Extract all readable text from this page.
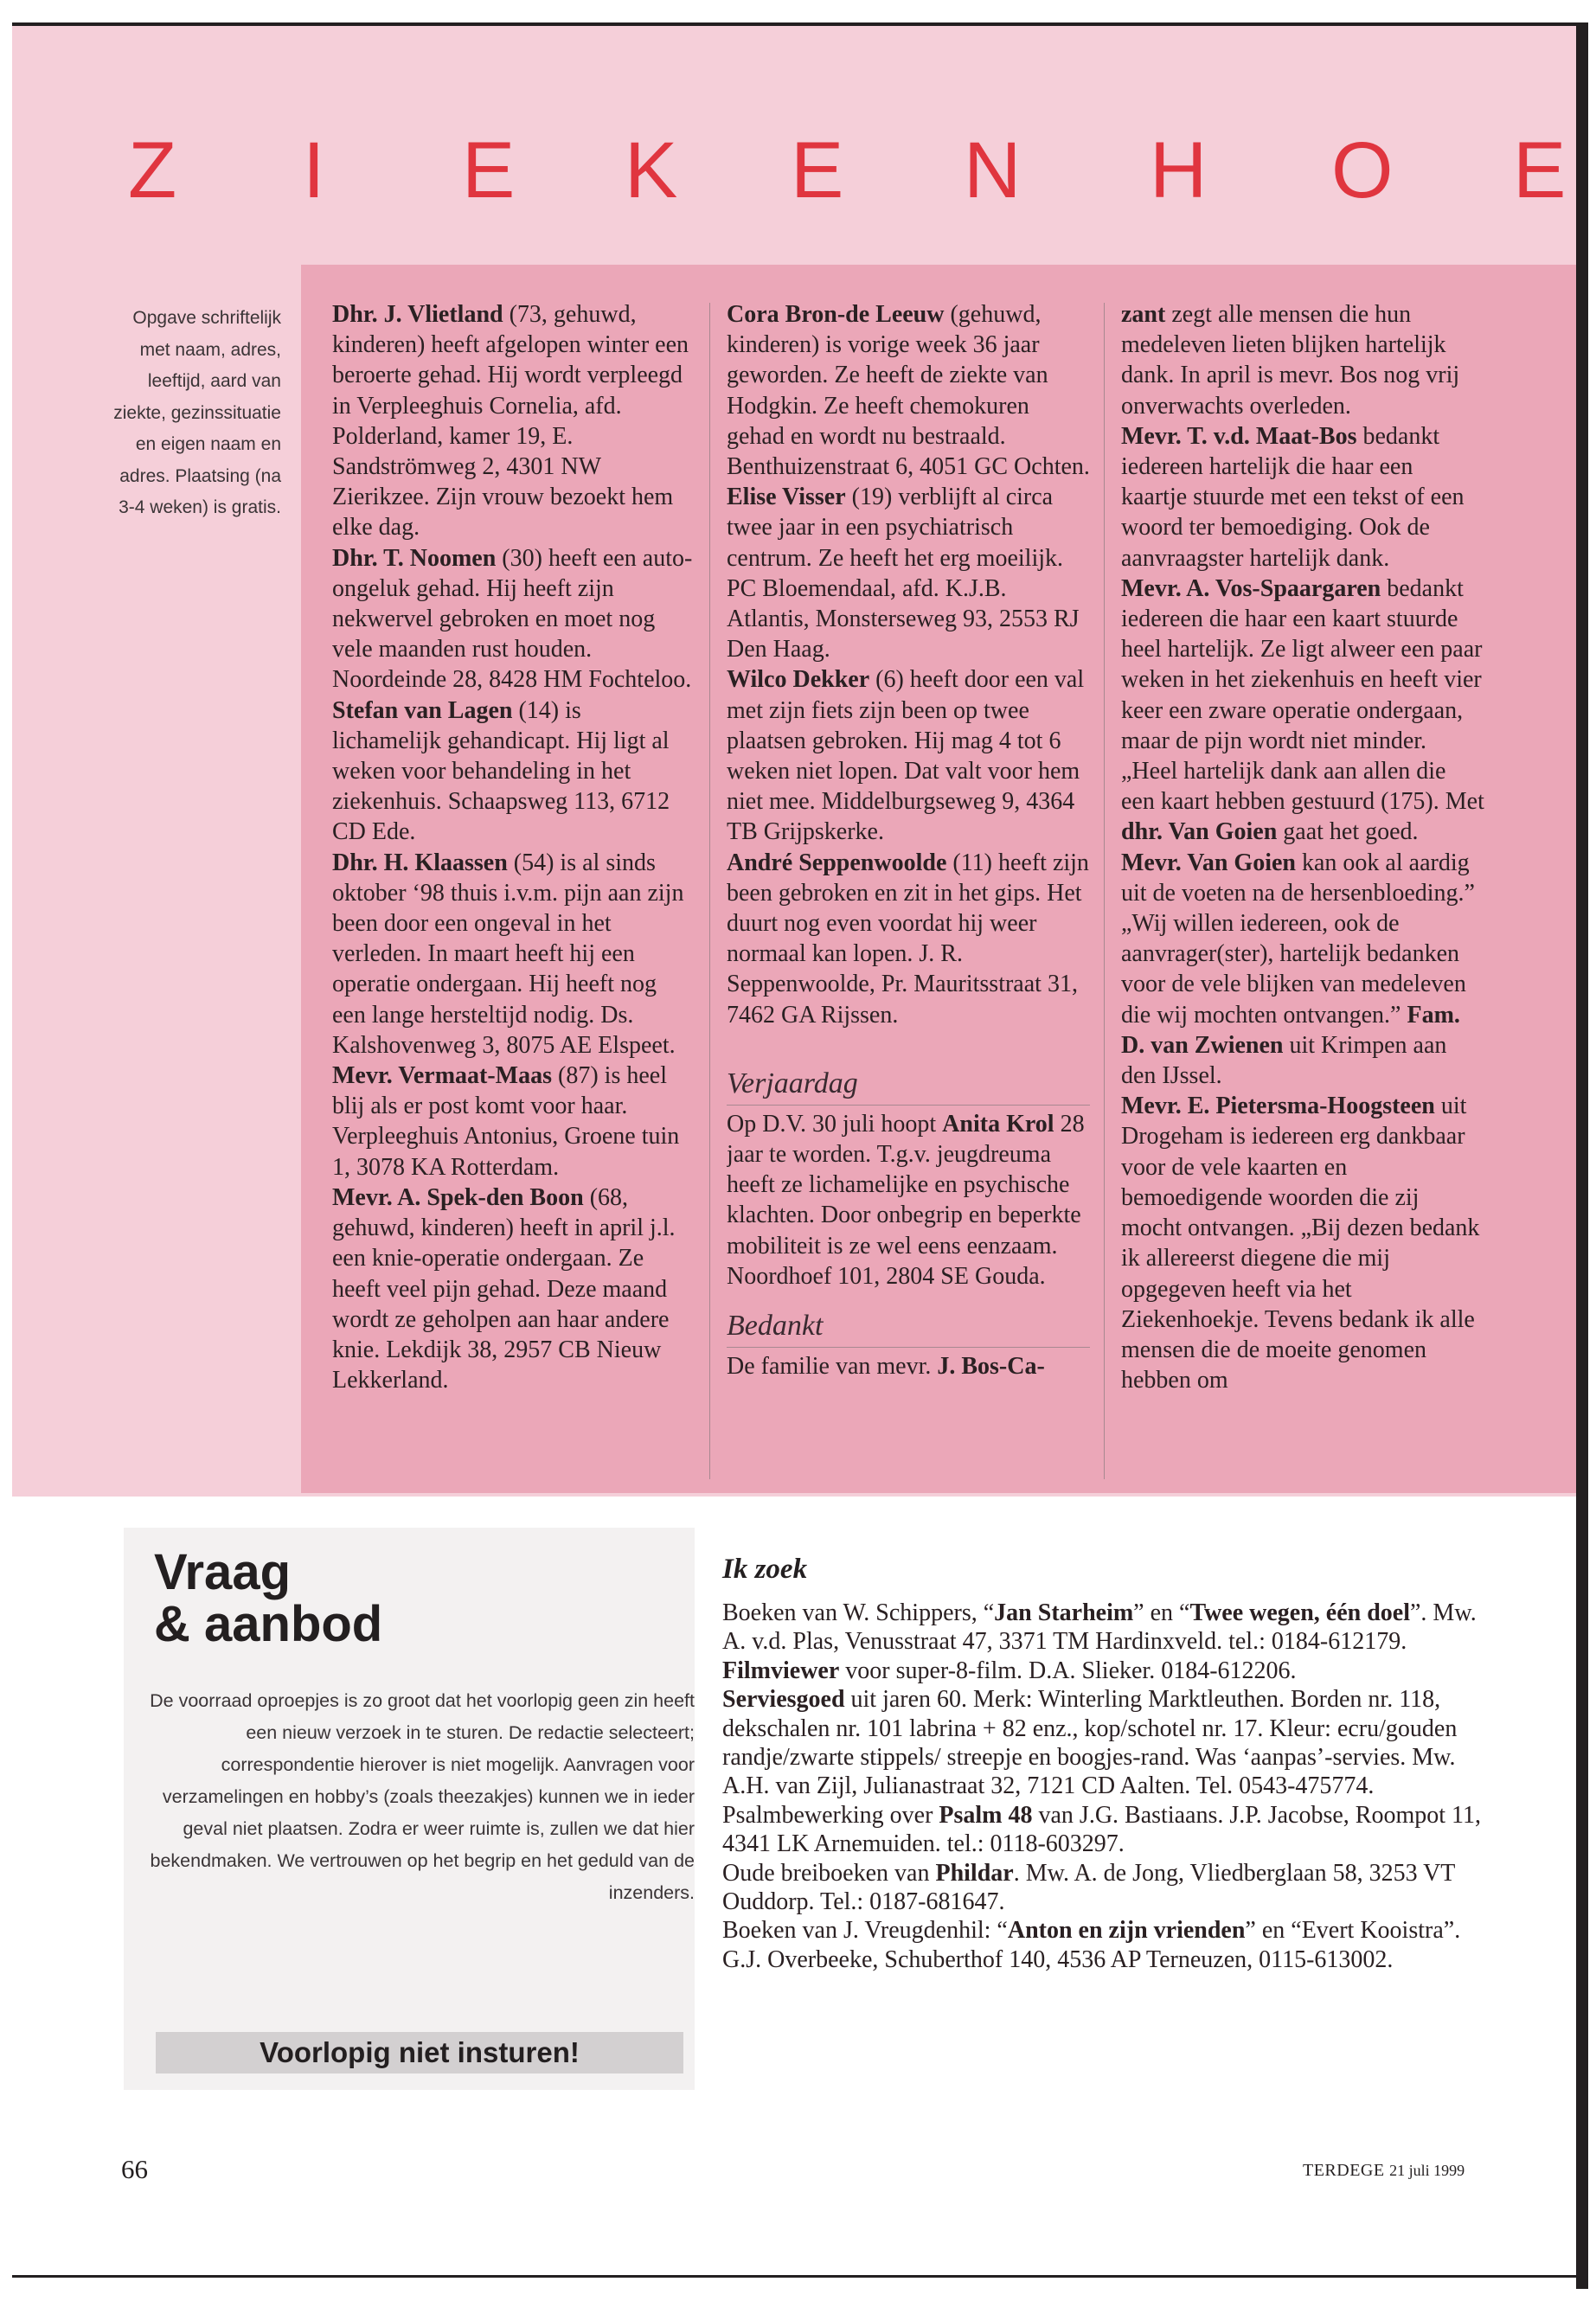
Z I E K E N H O E

Opgave schriftelijk met naam, adres, leeftijd, aard van ziekte, gezinssituatie en eigen naam en adres. Plaatsing (na 3-4 weken) is gratis.

Dhr. J. Vlietland (73, gehuwd, kinderen) heeft afgelopen winter een beroerte gehad. Hij wordt verpleegd in Verpleeghuis Cornelia, afd. Polderland, kamer 19, E. Sandströmweg 2, 4301 NW Zierikzee. Zijn vrouw bezoekt hem elke dag.

Dhr. T. Noomen (30) heeft een auto-ongeluk gehad. Hij heeft zijn nekwervel gebroken en moet nog vele maanden rust houden. Noordeinde 28, 8428 HM Fochteloo.

Stefan van Lagen (14) is lichamelijk gehandicapt. Hij ligt al weken voor behandeling in het ziekenhuis. Schaapsweg 113, 6712 CD Ede.

Dhr. H. Klaassen (54) is al sinds oktober ‘98 thuis i.v.m. pijn aan zijn been door een ongeval in het verleden. In maart heeft hij een operatie ondergaan. Hij heeft nog een lange hersteltijd nodig. Ds. Kalshovenweg 3, 8075 AE Elspeet.

Mevr. Vermaat-Maas (87) is heel blij als er post komt voor haar. Verpleeghuis Antonius, Groene tuin 1, 3078 KA Rotterdam.

Mevr. A. Spek-den Boon (68, gehuwd, kinderen) heeft in april j.l. een knie-operatie ondergaan. Ze heeft veel pijn gehad. Deze maand wordt ze geholpen aan haar andere knie. Lekdijk 38, 2957 CB Nieuw Lekkerland.

Cora Bron-de Leeuw (gehuwd, kinderen) is vorige week 36 jaar geworden. Ze heeft de ziekte van Hodgkin. Ze heeft chemokuren gehad en wordt nu bestraald. Benthuizenstraat 6, 4051 GC Ochten.

Elise Visser (19) verblijft al circa twee jaar in een psychiatrisch centrum. Ze heeft het erg moeilijk. PC Bloemendaal, afd. K.J.B. Atlantis, Monsterseweg 93, 2553 RJ Den Haag.

Wilco Dekker (6) heeft door een val met zijn fiets zijn been op twee plaatsen gebroken. Hij mag 4 tot 6 weken niet lopen. Dat valt voor hem niet mee. Middelburgseweg 9, 4364 TB Grijpskerke.

André Seppenwoolde (11) heeft zijn been gebroken en zit in het gips. Het duurt nog even voordat hij weer normaal kan lopen. J. R. Seppenwoolde, Pr. Mauritsstraat 31, 7462 GA Rijssen.

Verjaardag

Op D.V. 30 juli hoopt Anita Krol 28 jaar te worden. T.g.v. jeugdreuma heeft ze lichamelijke en psychische klachten. Door onbegrip en beperkte mobiliteit is ze wel eens eenzaam. Noordhoef 101, 2804 SE Gouda.

Bedankt

De familie van mevr. J. Bos-Ca-

zant zegt alle mensen die hun medeleven lieten blijken hartelijk dank. In april is mevr. Bos nog vrij onverwachts overleden.

Mevr. T. v.d. Maat-Bos bedankt iedereen hartelijk die haar een kaartje stuurde met een tekst of een woord ter bemoediging. Ook de aanvraagster hartelijk dank.

Mevr. A. Vos-Spaargaren bedankt iedereen die haar een kaart stuurde heel hartelijk. Ze ligt alweer een paar weken in het ziekenhuis en heeft vier keer een zware operatie ondergaan, maar de pijn wordt niet minder. „Heel hartelijk dank aan allen die een kaart hebben gestuurd (175). Met dhr. Van Goien gaat het goed. Mevr. Van Goien kan ook al aardig uit de voeten na de hersenbloeding.” „Wij willen iedereen, ook de aanvrager(ster), hartelijk bedanken voor de vele blijken van medeleven die wij mochten ontvangen.” Fam. D. van Zwienen uit Krimpen aan den IJssel.

Mevr. E. Pietersma-Hoogsteen uit Drogeham is iedereen erg dankbaar voor de vele kaarten en bemoedigende woorden die zij mocht ontvangen. „Bij dezen bedank ik allereerst diegene die mij opgegeven heeft via het Ziekenhoekje. Tevens bedank ik alle mensen die de moeite genomen hebben om

Vraag
& aanbod

De voorraad oproepjes is zo groot dat het voorlopig geen zin heeft een nieuw verzoek in te sturen. De redactie selecteert; correspondentie hierover is niet mogelijk. Aanvragen voor verzamelingen en hobby’s (zoals theezakjes) kunnen we in ieder geval niet plaatsen. Zodra er weer ruimte is, zullen we dat hier bekendmaken. We vertrouwen op het begrip en het geduld van de inzenders.

Voorlopig niet insturen!
Ik zoek

Boeken van W. Schippers, “Jan Starheim” en “Twee wegen, één doel”. Mw. A. v.d. Plas, Venusstraat 47, 3371 TM Hardinxveld. tel.: 0184-612179.

Filmviewer voor super-8-film. D.A. Slieker. 0184-612206.

Serviesgoed uit jaren 60. Merk: Winterling Marktleuthen. Borden nr. 118, dekschalen nr. 101 labrina + 82 enz., kop/schotel nr. 17. Kleur: ecru/gouden randje/zwarte stippels/ streepje en boogjes-rand. Was ‘aanpas’-servies. Mw. A.H. van Zijl, Julianastraat 32, 7121 CD Aalten. Tel. 0543-475774.

Psalmbewerking over Psalm 48 van J.G. Bastiaans. J.P. Jacobse, Roompot 11, 4341 LK Arnemuiden. tel.: 0118-603297.

Oude breiboeken van Phildar. Mw. A. de Jong, Vliedberglaan 58, 3253 VT Ouddorp. Tel.: 0187-681647.

Boeken van J. Vreugdenhil: “Anton en zijn vrienden” en “Evert Kooistra”. G.J. Overbeeke, Schuberthof 140, 4536 AP Terneuzen, 0115-613002.

66	TERDEGE 21 juli 1999
